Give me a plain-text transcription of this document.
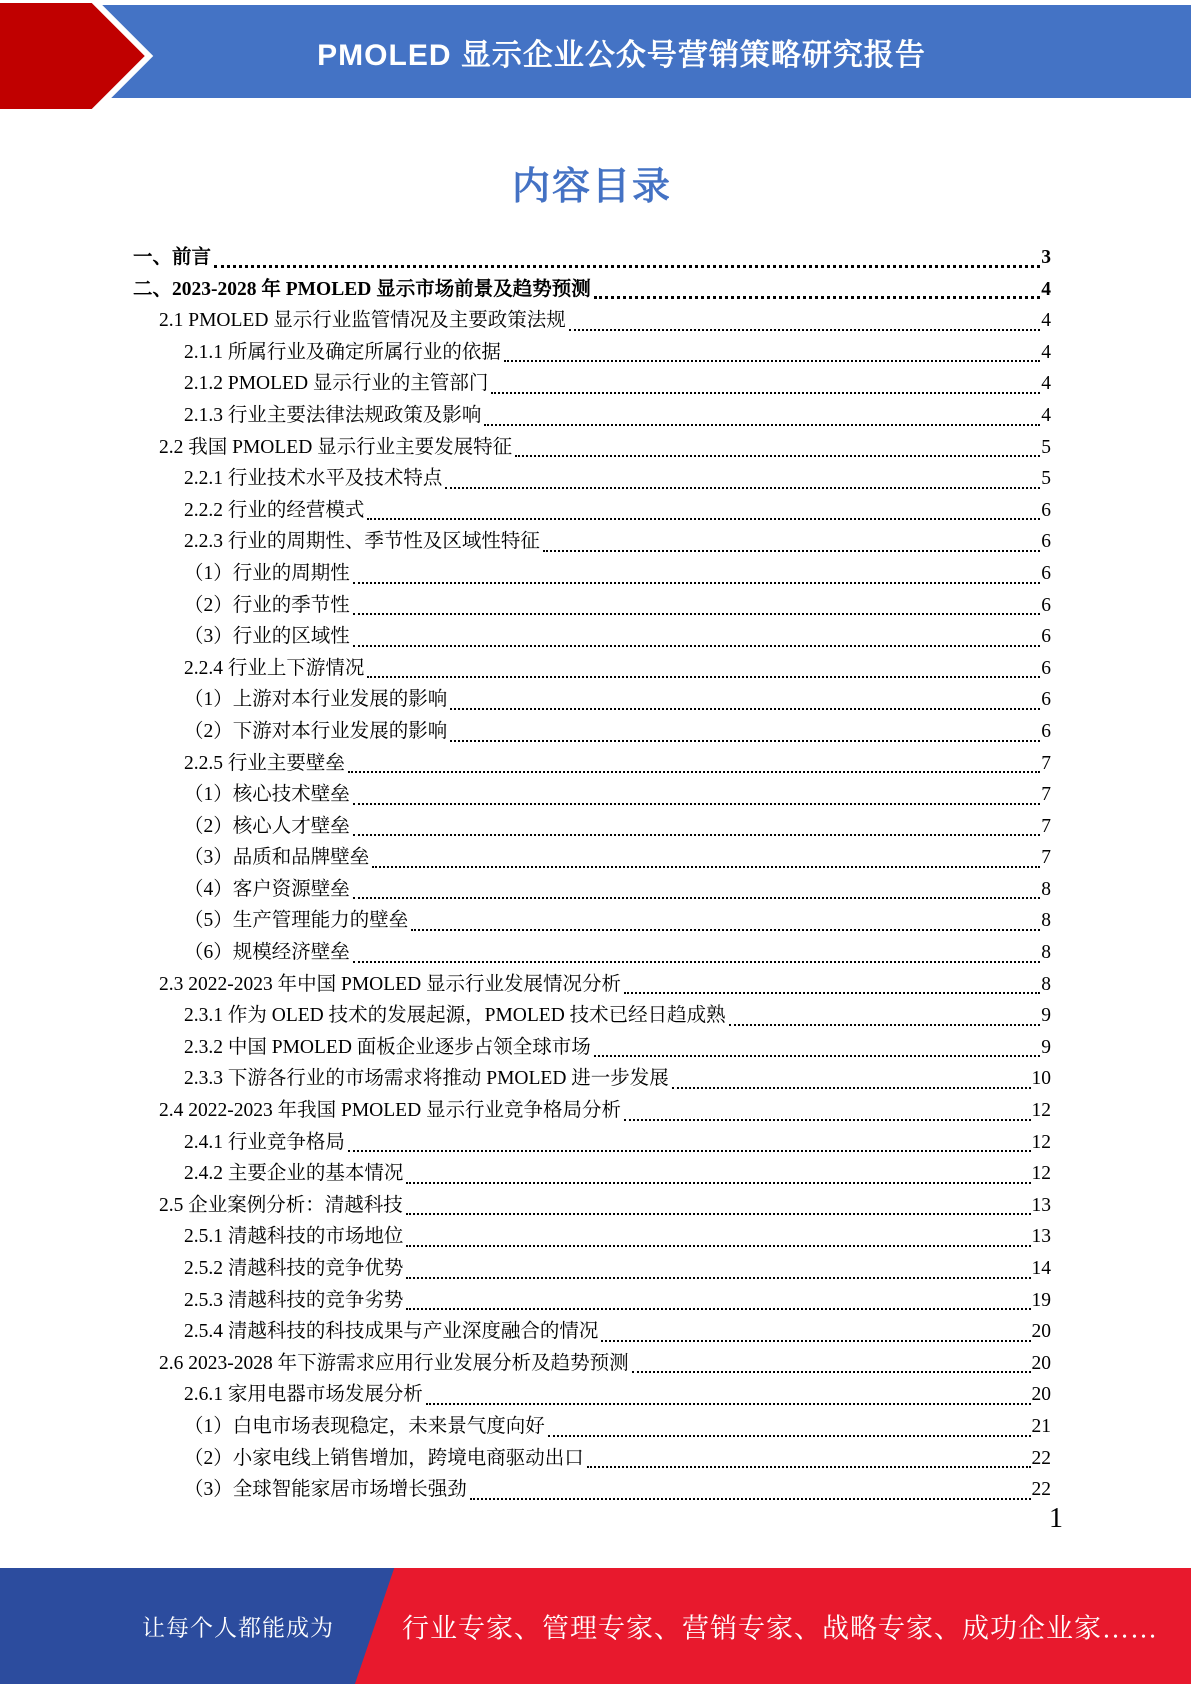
PMOLED 显示企业公众号营销策略研究报告
内容目录
一、前言	3
二、2023-2028 年 PMOLED 显示市场前景及趋势预测	4
2.1 PMOLED 显示行业监管情况及主要政策法规	4
2.1.1 所属行业及确定所属行业的依据	4
2.1.2 PMOLED 显示行业的主管部门	4
2.1.3 行业主要法律法规政策及影响	4
2.2 我国 PMOLED 显示行业主要发展特征	5
2.2.1 行业技术水平及技术特点	5
2.2.2 行业的经营模式	6
2.2.3 行业的周期性、季节性及区域性特征	6
（1）行业的周期性	6
（2）行业的季节性	6
（3）行业的区域性	6
2.2.4 行业上下游情况	6
（1）上游对本行业发展的影响	6
（2）下游对本行业发展的影响	6
2.2.5 行业主要壁垒	7
（1）核心技术壁垒	7
（2）核心人才壁垒	7
（3）品质和品牌壁垒	7
（4）客户资源壁垒	8
（5）生产管理能力的壁垒	8
（6）规模经济壁垒	8
2.3 2022-2023 年中国 PMOLED 显示行业发展情况分析	8
2.3.1 作为 OLED 技术的发展起源，PMOLED 技术已经日趋成熟	9
2.3.2 中国 PMOLED 面板企业逐步占领全球市场	9
2.3.3 下游各行业的市场需求将推动 PMOLED 进一步发展	10
2.4 2022-2023 年我国 PMOLED 显示行业竞争格局分析	12
2.4.1 行业竞争格局	12
2.4.2 主要企业的基本情况	12
2.5 企业案例分析：清越科技	13
2.5.1 清越科技的市场地位	13
2.5.2 清越科技的竞争优势	14
2.5.3 清越科技的竞争劣势	19
2.5.4 清越科技的科技成果与产业深度融合的情况	20
2.6 2023-2028 年下游需求应用行业发展分析及趋势预测	20
2.6.1 家用电器市场发展分析	20
（1）白电市场表现稳定，未来景气度向好	21
（2）小家电线上销售增加，跨境电商驱动出口	22
（3）全球智能家居市场增长强劲	22
1
让每个人都能成为	行业专家、管理专家、营销专家、战略专家、成功企业家……
